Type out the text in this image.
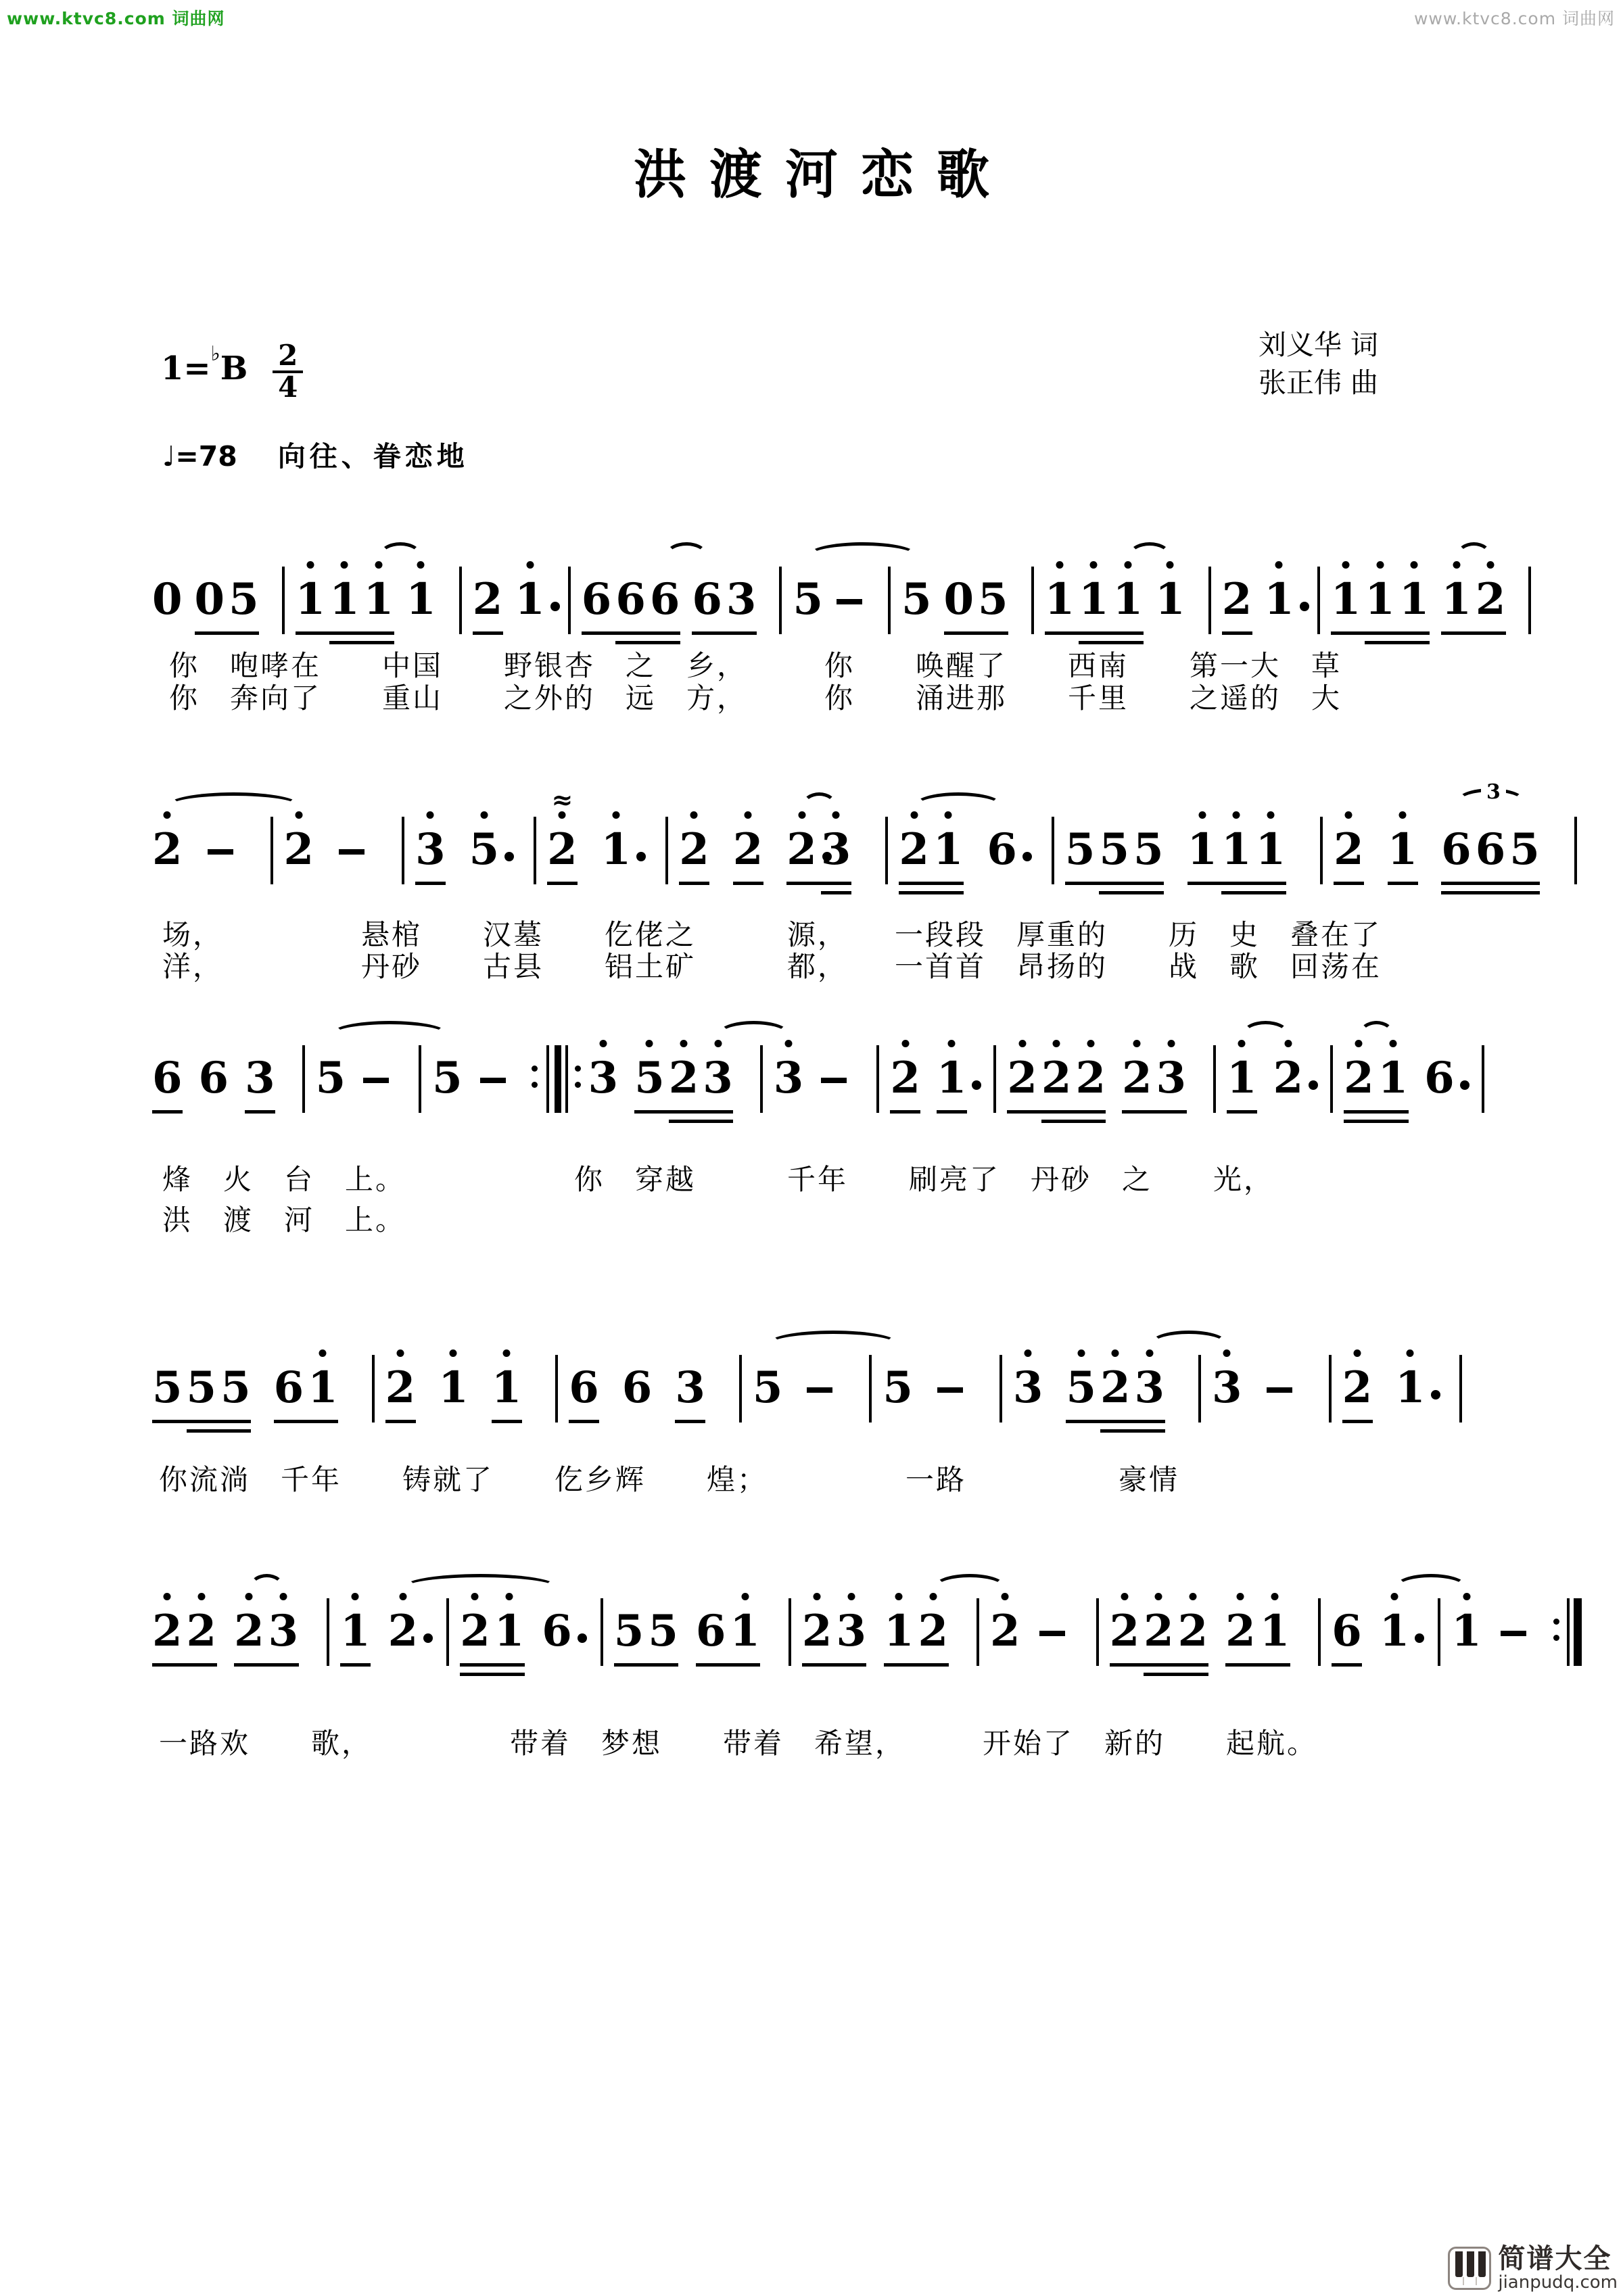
www.ktvc8.com 词曲网	www.ktvc8.com 词曲网
洪渡河恋歌
$1=^♭B \frac{2}{4}$	刘义华 词
张正伟 曲
♩=78 向往、眷恋地
0 0 5 1 1 1 1 2 1 6 6 6 6 3 5 5 0 5 1 1 1 1 2 1 1 1 1 1 2
你　咆哮在　　中国　　野银杏　之　乡，　　　你　　唤醒了　　西南　　第一大　草
你　奔向了　　重山　　之外的　远　方，　　　你　　涌进那　　千里　　之遥的　大
2 2 3 5 2
≈
1 2 2 2 3 2 1 6 5 5 5 1 1 1 2 1 6 6 5
3
场，　　　　　悬棺　　汉墓　　仡佬之　　　源，　　一段段　厚重的　　历　史　叠在了
洋，　　　　　丹砂　　古县　　铝土矿　　　都，　　一首首　昂扬的　　战　歌　回荡在
6 6 3 5 5	3 5 2 3 3 2 1 2 2 2 2 3 1 2 2 1 6
烽　火　台　上。　　　　　　你　穿越　　　千年　　刷亮了　丹砂　之　　光，
洪　渡　河　上。
5 5 5 6 1 2 1 1 6 6 3 5 5 3 5 2 3 3 2 1
你流淌　千年　　铸就了　　仡乡辉　　煌；　　　　　一路　　　　　豪情
2 2 2 3 1 2 2 1 6 5 5 6 1 2 3 1 2 2 2 2 2 2 1 6 1 1
一路欢　　歌，　　　　　带着　梦想　　带着　希望，　　　开始了　新的　　起航。
简谱大全
jianpudq.com
